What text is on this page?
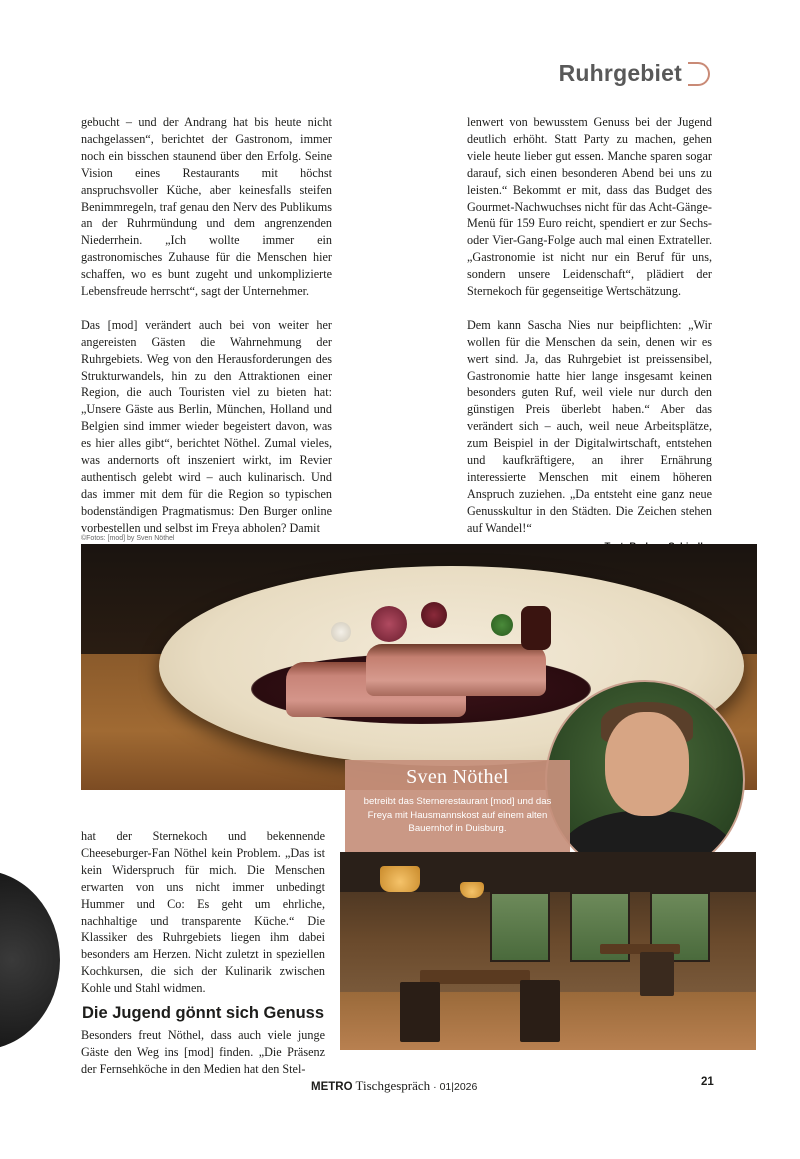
Ruhrgebiet

gebucht – und der Andrang hat bis heute nicht nachgelassen“, berichtet der Gastronom, immer noch ein bisschen staunend über den Erfolg. Seine Vision eines Restaurants mit höchst anspruchsvoller Küche, aber keinesfalls steifen Benimmregeln, traf genau den Nerv des Publikums an der Ruhrmündung und dem angrenzenden Niederrhein. „Ich wollte immer ein gastronomisches Zuhause für die Menschen hier schaffen, wo es bunt zugeht und unkomplizierte Lebensfreude herrscht“, sagt der Unternehmer.

Das [mod] verändert auch bei von weiter her angereisten Gästen die Wahrnehmung der Ruhrgebiets. Weg von den Herausforderungen des Strukturwandels, hin zu den Attraktionen einer Region, die auch Touristen viel zu bieten hat: „Unsere Gäste aus Berlin, München, Holland und Belgien sind immer wieder begeistert davon, was es hier alles gibt“, berichtet Nöthel. Zumal vieles, was andernorts oft inszeniert wirkt, im Revier authentisch gelebt wird – auch kulinarisch. Und das immer mit dem für die Region so typischen bodenständigen Pragmatismus: Den Burger online vorbestellen und selbst im Freya abholen? Damit

lenwert von bewusstem Genuss bei der Jugend deutlich erhöht. Statt Party zu machen, gehen viele heute lieber gut essen. Manche sparen sogar darauf, sich einen besonderen Abend bei uns zu leisten.“ Bekommt er mit, dass das Budget des Gourmet-Nachwuchses nicht für das Acht-Gänge-Menü für 159 Euro reicht, spendiert er zur Sechs- oder Vier-Gang-Folge auch mal einen Extrateller. „Gastronomie ist nicht nur ein Beruf für uns, sondern unsere Leidenschaft“, plädiert der Sternekoch für gegenseitige Wertschätzung.

Dem kann Sascha Nies nur beipflichten: „Wir wollen für die Menschen da sein, denen wir es wert sind. Ja, das Ruhrgebiet ist preissensibel, Gastronomie hatte hier lange insgesamt keinen besonders guten Ruf, weil viele nur durch den günstigen Preis überlebt haben.“ Aber das verändert sich – auch, weil neue Arbeitsplätze, zum Beispiel in der Digitalwirtschaft, entstehen und kaufkräftigere, an ihrer Ernährung interessierte Menschen mit einem höheren Anspruch zuziehen. „Da entsteht eine ganz neue Genusskultur in den Städten. Die Zeichen stehen auf Wandel!“

©Fotos: [mod] by Sven Nöthel
Sven Nöthel
betreibt das Sternerestaurant [mod] und das Freya mit Hausmannskost auf einem alten Bauernhof in Duisburg.

hat der Sternekoch und bekennende Cheeseburger-Fan Nöthel kein Problem. „Das ist kein Widerspruch für mich. Die Menschen erwarten von uns nicht immer unbedingt Hummer und Co: Es geht um ehrliche, nachhaltige und transparente Küche.“ Die Klassiker des Ruhrgebiets liegen ihm dabei besonders am Herzen. Nicht zuletzt in speziellen Kochkursen, die sich der Kulinarik zwischen Kohle und Stahl widmen.

Die Jugend gönnt sich Genuss

Besonders freut Nöthel, dass auch viele junge Gäste den Weg ins [mod] finden. „Die Präsenz der Fernsehköche in den Medien hat den Stel-

METRO Tischgespräch · 01|2026	21
